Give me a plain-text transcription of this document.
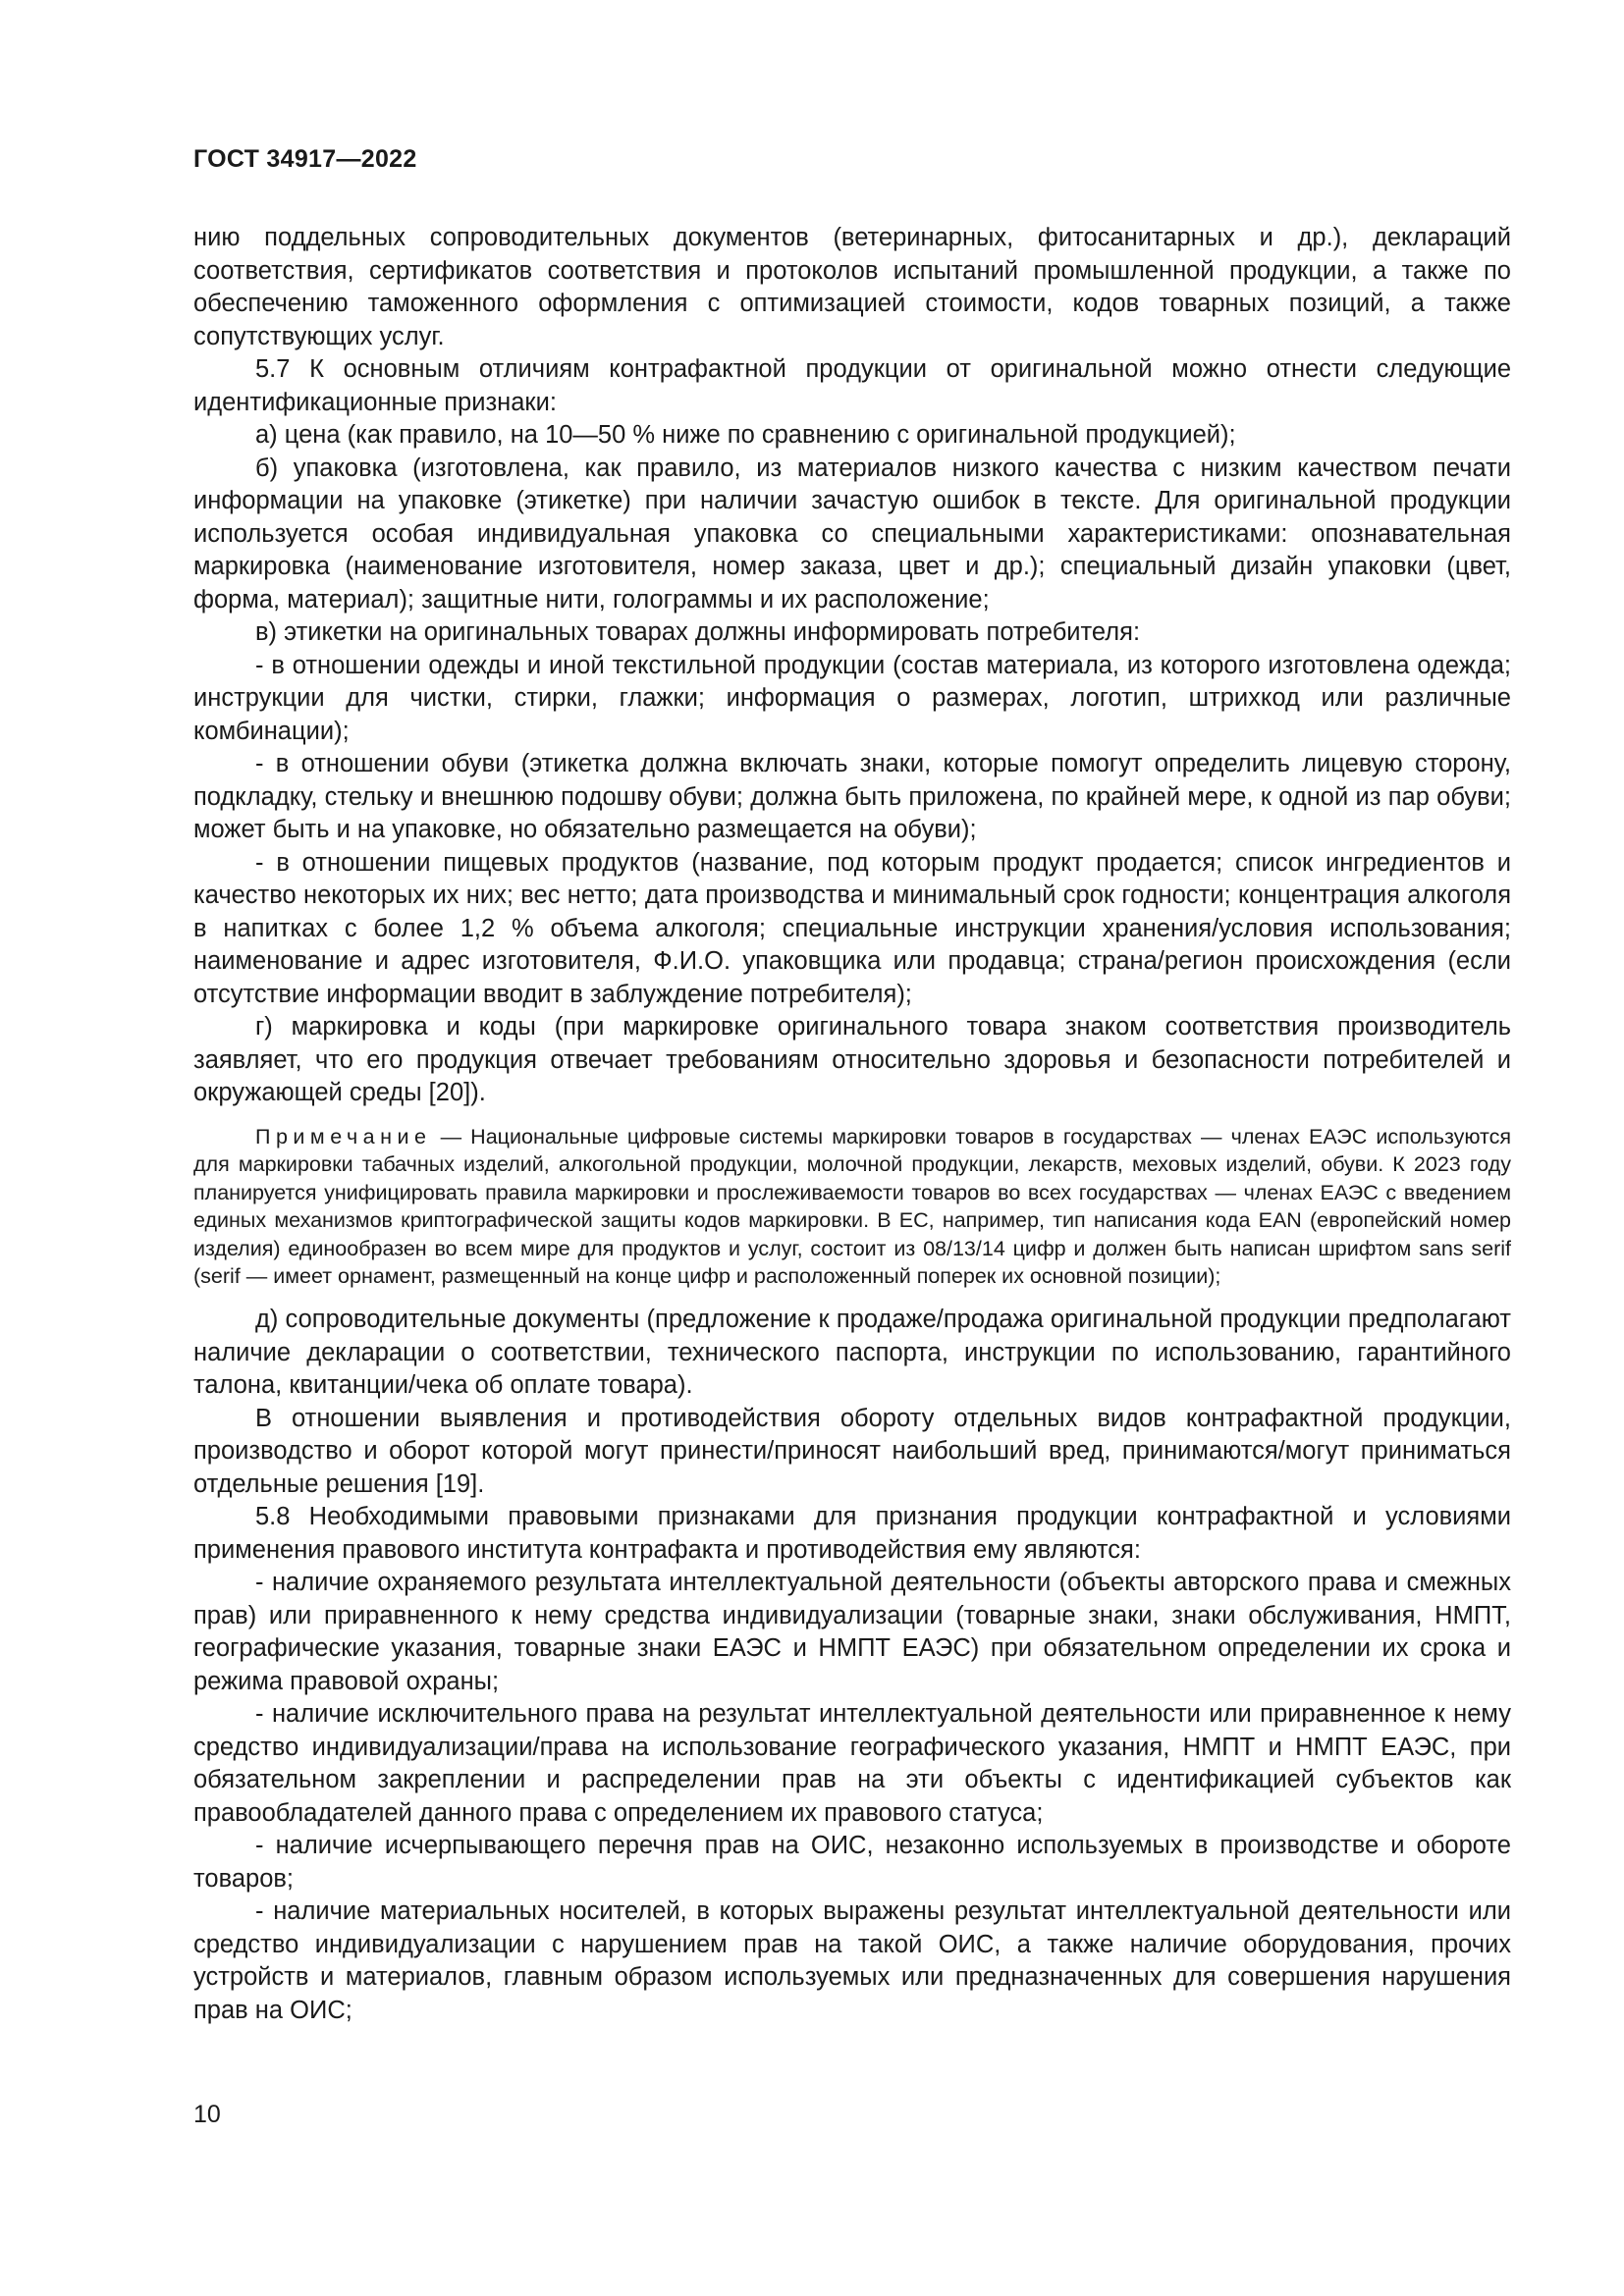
ГОСТ 34917—2022

нию поддельных сопроводительных документов (ветеринарных, фитосанитарных и др.), деклараций соответствия, сертификатов соответствия и протоколов испытаний промышленной продукции, а также по обеспечению таможенного оформления с оптимизацией стоимости, кодов товарных позиций, а также сопутствующих услуг.

5.7 К основным отличиям контрафактной продукции от оригинальной можно отнести следующие идентификационные признаки:

а) цена (как правило, на 10—50 % ниже по сравнению с оригинальной продукцией);

б) упаковка (изготовлена, как правило, из материалов низкого качества с низким качеством печати информации на упаковке (этикетке) при наличии зачастую ошибок в тексте. Для оригинальной продукции используется особая индивидуальная упаковка со специальными характеристиками: опознавательная маркировка (наименование изготовителя, номер заказа, цвет и др.); специальный дизайн упаковки (цвет, форма, материал); защитные нити, голограммы и их расположение;

в) этикетки на оригинальных товарах должны информировать потребителя:

- в отношении одежды и иной текстильной продукции (состав материала, из которого изготовлена одежда; инструкции для чистки, стирки, глажки; информация о размерах, логотип, штрихкод или различные комбинации);

- в отношении обуви (этикетка должна включать знаки, которые помогут определить лицевую сторону, подкладку, стельку и внешнюю подошву обуви; должна быть приложена, по крайней мере, к одной из пар обуви; может быть и на упаковке, но обязательно размещается на обуви);

- в отношении пищевых продуктов (название, под которым продукт продается; список ингредиентов и качество некоторых их них; вес нетто; дата производства и минимальный срок годности; концентрация алкоголя в напитках с более 1,2 % объема алкоголя; специальные инструкции хранения/условия использования; наименование и адрес изготовителя, Ф.И.О. упаковщика или продавца; страна/регион происхождения (если отсутствие информации вводит в заблуждение потребителя);

г) маркировка и коды (при маркировке оригинального товара знаком соответствия производитель заявляет, что его продукция отвечает требованиям относительно здоровья и безопасности потребителей и окружающей среды [20]).

Примечание — Национальные цифровые системы маркировки товаров в государствах — членах ЕАЭС используются для маркировки табачных изделий, алкогольной продукции, молочной продукции, лекарств, меховых изделий, обуви. К 2023 году планируется унифицировать правила маркировки и прослеживаемости товаров во всех государствах — членах ЕАЭС с введением единых механизмов криптографической защиты кодов маркировки. В ЕС, например, тип написания кода EAN (европейский номер изделия) единообразен во всем мире для продуктов и услуг, состоит из 08/13/14 цифр и должен быть написан шрифтом sans serif (serif — имеет орнамент, размещенный на конце цифр и расположенный поперек их основной позиции);

д) сопроводительные документы (предложение к продаже/продажа оригинальной продукции предполагают наличие декларации о соответствии, технического паспорта, инструкции по использованию, гарантийного талона, квитанции/чека об оплате товара).

В отношении выявления и противодействия обороту отдельных видов контрафактной продукции, производство и оборот которой могут принести/приносят наибольший вред, принимаются/могут приниматься отдельные решения [19].

5.8 Необходимыми правовыми признаками для признания продукции контрафактной и условиями применения правового института контрафакта и противодействия ему являются:

- наличие охраняемого результата интеллектуальной деятельности (объекты авторского права и смежных прав) или приравненного к нему средства индивидуализации (товарные знаки, знаки обслуживания, НМПТ, географические указания, товарные знаки ЕАЭС и НМПТ ЕАЭС) при обязательном определении их срока и режима правовой охраны;

- наличие исключительного права на результат интеллектуальной деятельности или приравненное к нему средство индивидуализации/права на использование географического указания, НМПТ и НМПТ ЕАЭС, при обязательном закреплении и распределении прав на эти объекты с идентификацией субъектов как правообладателей данного права с определением их правового статуса;

- наличие исчерпывающего перечня прав на ОИС, незаконно используемых в производстве и обороте товаров;

- наличие материальных носителей, в которых выражены результат интеллектуальной деятельности или средство индивидуализации с нарушением прав на такой ОИС, а также наличие оборудования, прочих устройств и материалов, главным образом используемых или предназначенных для совершения нарушения прав на ОИС;

10
